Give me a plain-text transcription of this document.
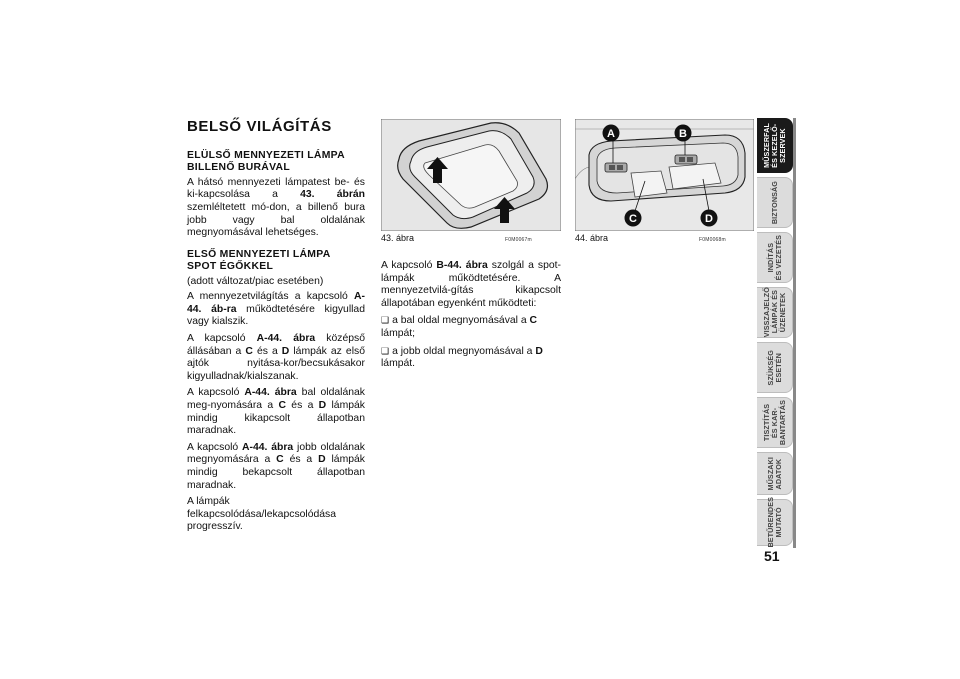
BELSŐ VILÁGÍTÁS
ELÜLSŐ MENNYEZETI LÁMPA
BILLENŐ BURÁVAL

A hátsó mennyezeti lámpatest be- és ki-kapcsolása a 43. ábrán szemléltetett mó-don, a billenő bura jobb vagy bal oldalának megnyomásával lehetséges.

ELSŐ MENNYEZETI LÁMPA
SPOT ÉGŐKKEL
(adott változat/piac esetében)

A mennyezetvilágítás a kapcsoló A-44. áb-ra működtetésére kigyullad vagy kialszik.

A kapcsoló A-44. ábra középső állásában a C és a D lámpák az első ajtók nyitása-kor/becsukásakor kigyulladnak/kialszanak.

A kapcsoló A-44. ábra bal oldalának meg-nyomására a C és a D lámpák mindig kikapcsolt állapotban maradnak.

A kapcsoló A-44. ábra jobb oldalának megnyomására a C és a D lámpák mindig bekapcsolt állapotban maradnak.

A lámpák felkapcsolódása/lekapcsolódása progresszív.

43. ábra	F0M0067m
A	B
C	D
44. ábra	F0M0068m

A kapcsoló B-44. ábra szolgál a spot-lámpák működtetésére. A mennyezetvilá-gítás kikapcsolt állapotában egyenként működteti:

❑ a bal oldal megnyomásával a C lámpát;

❑ a jobb oldal megnyomásával a D lámpát.

MŰSZERFAL
ÉS KEZELŐ-
SZERVEK
BIZTONSÁG
INDÍTÁS
ÉS VEZETÉS
VISSZAJELZŐ
LÁMPÁK ÉS
ÜZENETEK
SZÜKSÉG
ESETÉN
TISZTÍTÁS
ÉS KAR-
BANTARTÁS
MŰSZAKI
ADATOK
BETŰRENDES
MUTATÓ
51
